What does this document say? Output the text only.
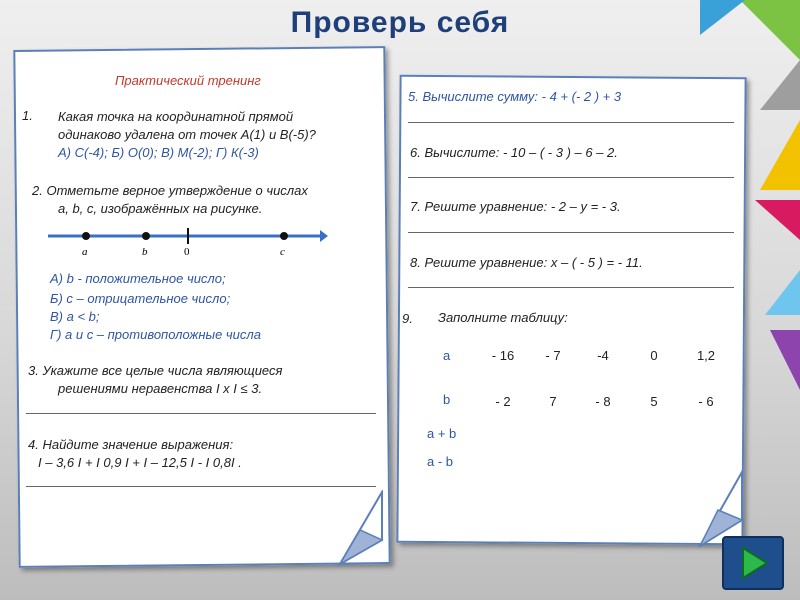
Проверь себя
Практический тренинг
1. Какая точка на координатной прямой
одинаково удалена от точек А(1) и В(-5)?
А) С(-4); Б) О(0); В) М(-2); Г) К(-3)
2. Отметьте верное утверждение о числах
a, b, c, изображённых на рисунке.
a	b	0	c
А) b - положительное число;
Б) c – отрицательное число;
В) a < b;
Г) a и c – противоположные числа
3. Укажите все целые числа являющиеся
решениями неравенства I x I ≤ 3.
4. Найдите значение выражения:
I – 3,6 I + I 0,9 I + I – 12,5 I - I 0,8I .
5. Вычислите сумму: - 4 + (- 2 ) + 3
6. Вычислите: - 10 – ( - 3 ) – 6 – 2.
7. Решите уравнение: - 2 – у = - 3.
8. Решите уравнение: х – ( - 5 ) = - 11.
9. Заполните таблицу:
а	- 16	- 7	-4	0	1,2
b	- 2	7	- 8	5	- 6
а + b
а - b
